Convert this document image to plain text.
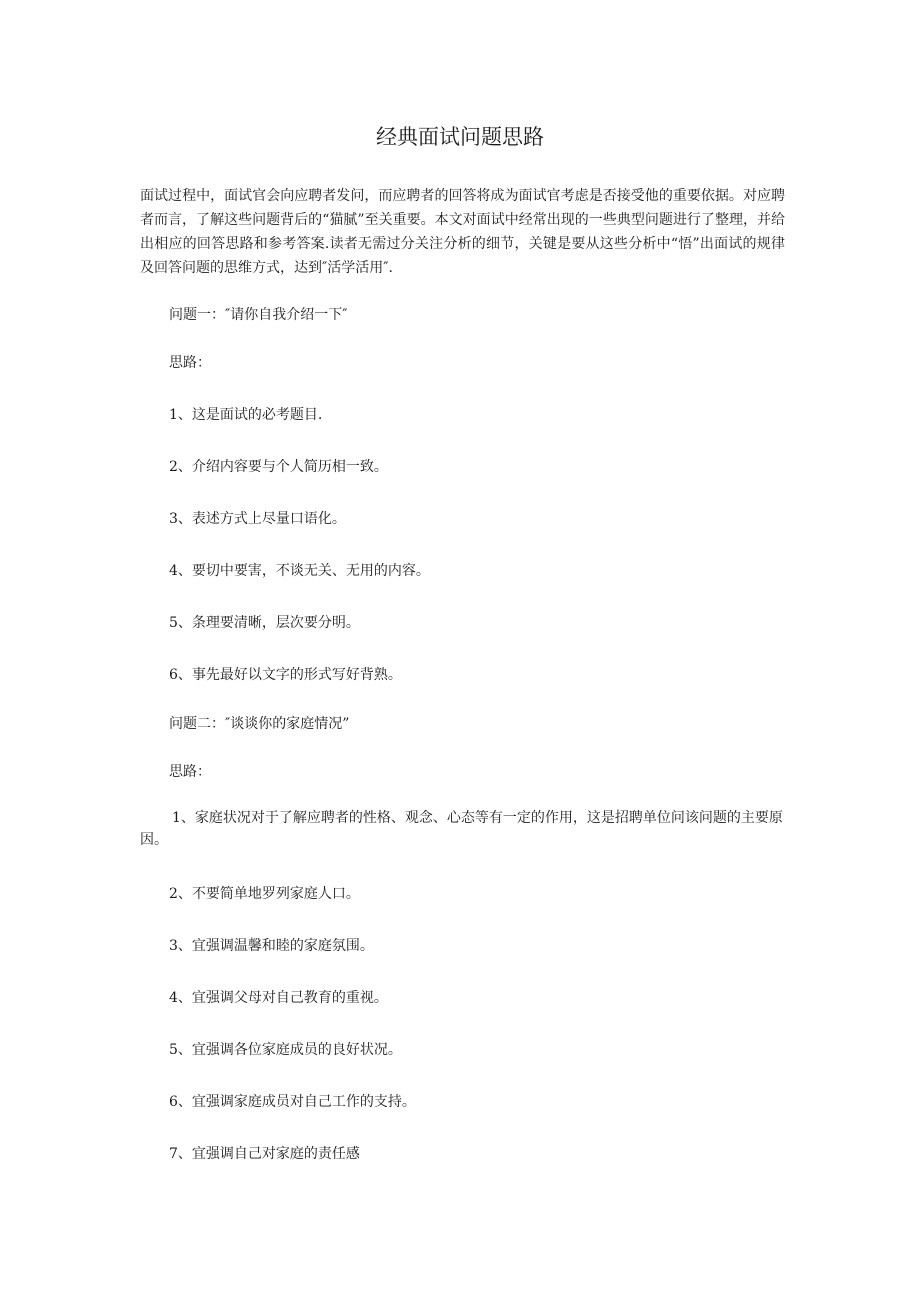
经典面试问题思路

面试过程中，面试官会向应聘者发问，而应聘者的回答将成为面试官考虑是否接受他的重要依据。对应聘者而言，了解这些问题背后的“猫腻”至关重要。本文对面试中经常出现的一些典型问题进行了整理，并给出相应的回答思路和参考答案.读者无需过分关注分析的细节，关键是要从这些分析中“悟”出面试的规律及回答问题的思维方式，达到″活学活用″.

问题一：″请你自我介绍一下″

思路：

1、这是面试的必考题目.

2、介绍内容要与个人简历相一致。

3、表述方式上尽量口语化。

4、要切中要害，不谈无关、无用的内容。

5、条理要清晰，层次要分明。

6、事先最好以文字的形式写好背熟。

问题二：″谈谈你的家庭情况”

思路：

1、家庭状况对于了解应聘者的性格、观念、心态等有一定的作用，这是招聘单位问该问题的主要原因。

2、不要简单地罗列家庭人口。

3、宜强调温馨和睦的家庭氛围。

4、宜强调父母对自己教育的重视。

5、宜强调各位家庭成员的良好状况。

6、宜强调家庭成员对自己工作的支持。

7、宜强调自己对家庭的责任感
